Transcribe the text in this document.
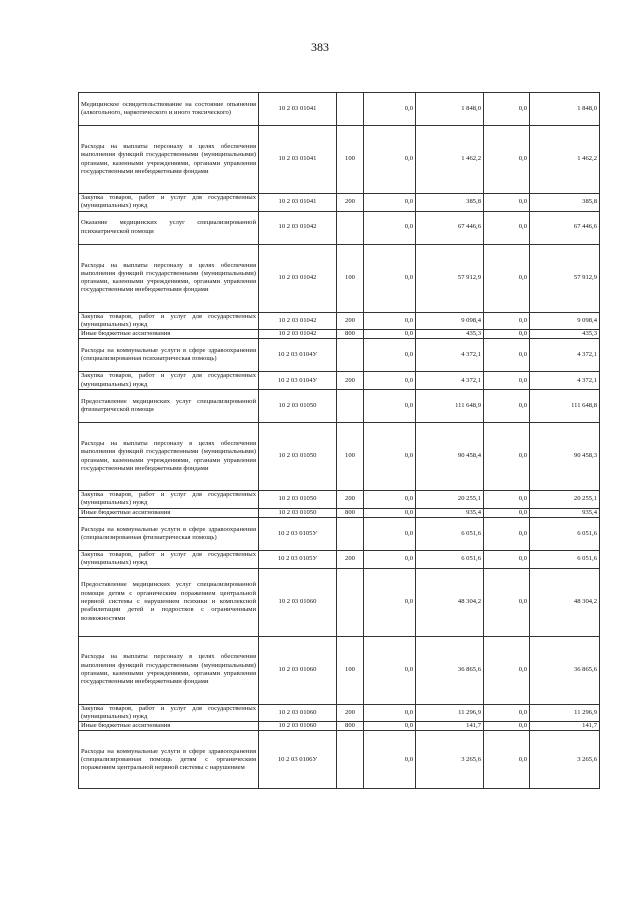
383
Медицинское освидетельствование на состояние опьянения (алкогольного, наркотического и иного токсического)	10 2 03 01041		0,0	1 848,0	0,0	1 848,0
Расходы на выплаты персоналу в целях обеспечения выполнения функций государственными (муниципальными) органами, казенными учреждениями, органами управления государственными внебюджетными фондами	10 2 03 01041	100	0,0	1 462,2	0,0	1 462,2
Закупка товаров, работ и услуг для государственных (муниципальных) нужд	10 2 03 01041	200	0,0	385,8	0,0	385,8
Оказание медицинских услуг специализированной психиатрической помощи	10 2 03 01042		0,0	67 446,6	0,0	67 446,6
Расходы на выплаты персоналу в целях обеспечения выполнения функций государственными (муниципальными) органами, казенными учреждениями, органами управления государственными внебюджетными фондами	10 2 03 01042	100	0,0	57 912,9	0,0	57 912,9
Закупка товаров, работ и услуг для государственных (муниципальных) нужд	10 2 03 01042	200	0,0	9 098,4	0,0	9 098,4
Иные бюджетные ассигнования	10 2 03 01042	800	0,0	435,3	0,0	435,3
Расходы на коммунальные услуги в сфере здравоохранения (специализированная психиатрическая помощь)	10 2 03 0104У		0,0	4 372,1	0,0	4 372,1
Закупка товаров, работ и услуг для государственных (муниципальных) нужд	10 2 03 0104У	200	0,0	4 372,1	0,0	4 372,1
Предоставление медицинских услуг специализированной фтизиатрической помощи	10 2 03 01050		0,0	111 648,9	0,0	111 648,8
Расходы на выплаты персоналу в целях обеспечения выполнения функций государственными (муниципальными) органами, казенными учреждениями, органами управления государственными внебюджетными фондами	10 2 03 01050	100	0,0	90 458,4	0,0	90 458,3
Закупка товаров, работ и услуг для государственных (муниципальных) нужд	10 2 03 01050	200	0,0	20 255,1	0,0	20 255,1
Иные бюджетные ассигнования	10 2 03 01050	800	0,0	935,4	0,0	935,4
Расходы на коммунальные услуги в сфере здравоохранения (специализированная фтизиатрическая помощь)	10 2 03 0105У		0,0	6 051,6	0,0	6 051,6
Закупка товаров, работ и услуг для государственных (муниципальных) нужд	10 2 03 0105У	200	0,0	6 051,6	0,0	6 051,6
Предоставление медицинских услуг специализированной помощи детям с органическим поражением центральной нервной системы с нарушением психики и комплексной реабилитации детей и подростков с ограниченными возможностями	10 2 03 01060		0,0	48 304,2	0,0	48 304,2
Расходы на выплаты персоналу в целях обеспечения выполнения функций государственными (муниципальными) органами, казенными учреждениями, органами управления государственными внебюджетными фондами	10 2 03 01060	100	0,0	36 865,6	0,0	36 865,6
Закупка товаров, работ и услуг для государственных (муниципальных) нужд	10 2 03 01060	200	0,0	11 296,9	0,0	11 296,9
Иные бюджетные ассигнования	10 2 03 01060	800	0,0	141,7	0,0	141,7
Расходы на коммунальные услуги в сфере здравоохранения (специализированная помощь детям с органическим поражением центральной нервной системы с нарушением	10 2 03 0106У		0,0	3 265,6	0,0	3 265,6
